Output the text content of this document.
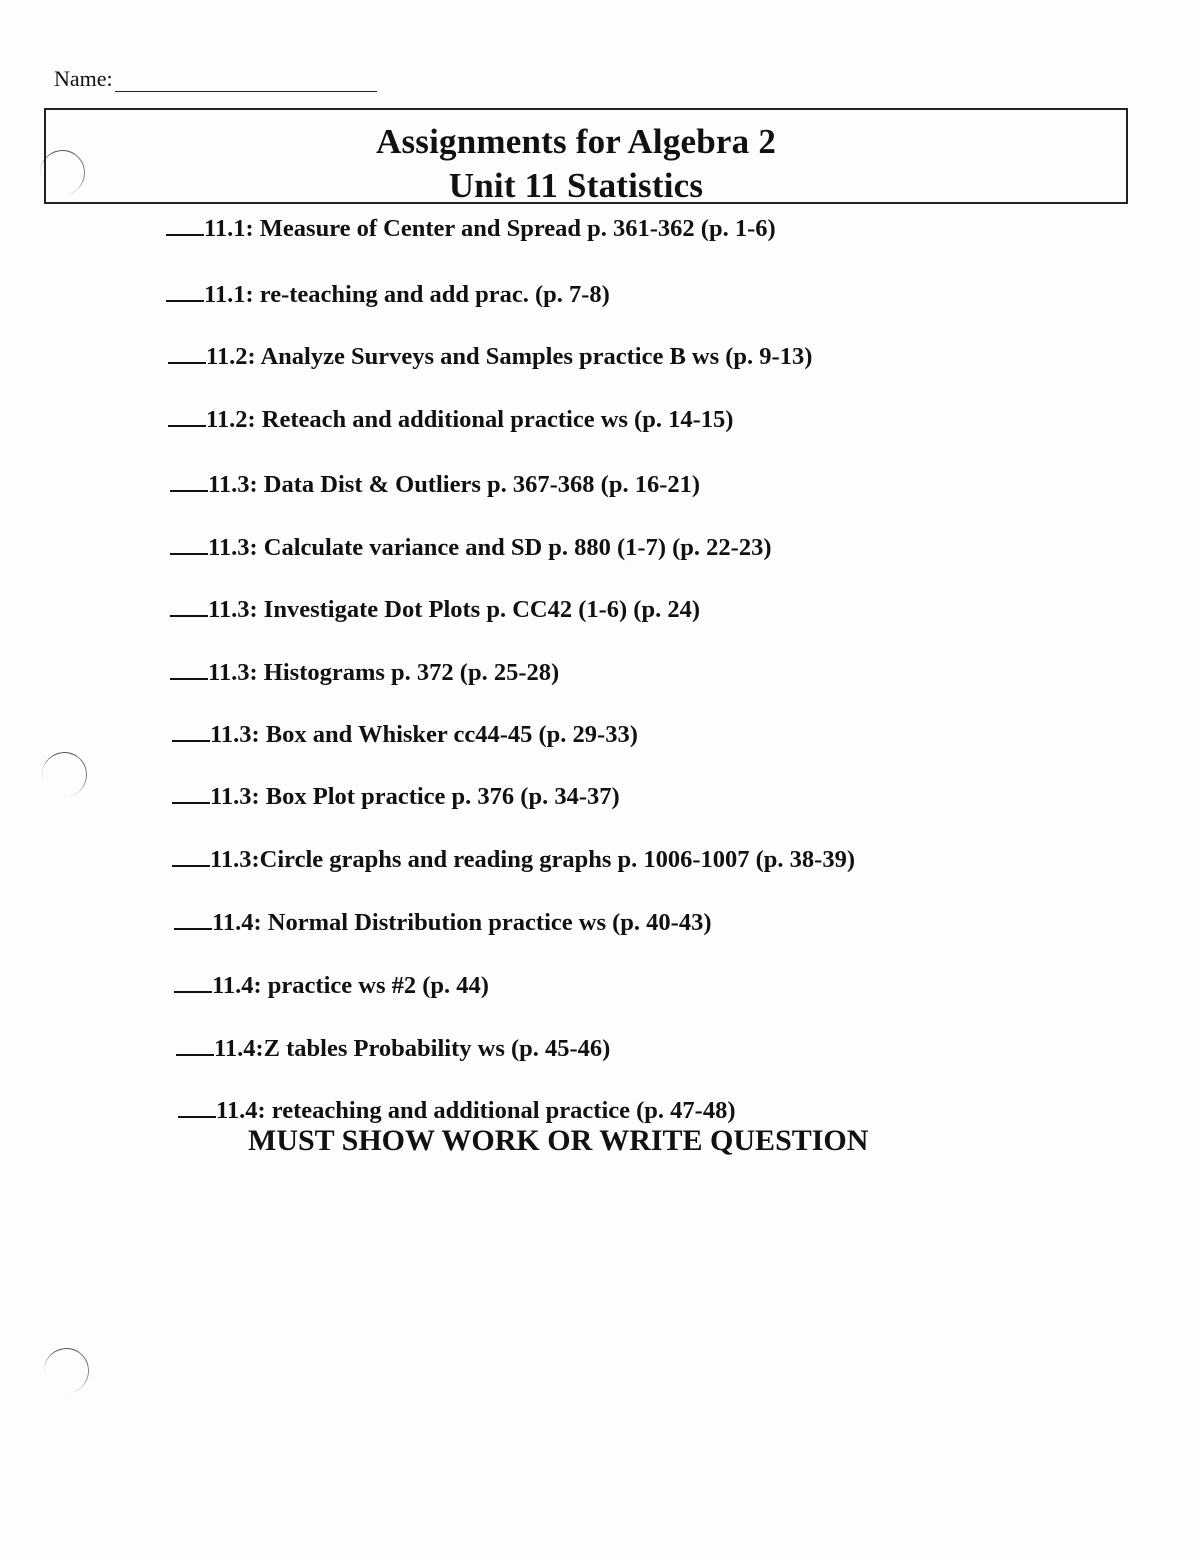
Name:
Assignments for Algebra 2
Unit 11 Statistics
11.1: Measure of Center and Spread p. 361-362 (p. 1-6)
11.1: re-teaching and add prac. (p. 7-8)
11.2: Analyze Surveys and Samples practice B ws (p. 9-13)
11.2: Reteach and additional practice ws (p. 14-15)
11.3: Data Dist & Outliers p. 367-368 (p. 16-21)
11.3: Calculate variance and SD p. 880 (1-7) (p. 22-23)
11.3: Investigate Dot Plots p. CC42 (1-6) (p. 24)
11.3: Histograms p. 372 (p. 25-28)
11.3: Box and Whisker cc44-45 (p. 29-33)
11.3: Box Plot practice p. 376 (p. 34-37)
11.3:Circle graphs and reading graphs p. 1006-1007 (p. 38-39)
11.4: Normal Distribution practice ws (p. 40-43)
11.4: practice ws #2 (p. 44)
11.4:Z tables Probability ws (p. 45-46)
11.4: reteaching and additional practice (p. 47-48)
MUST SHOW WORK OR WRITE QUESTION
